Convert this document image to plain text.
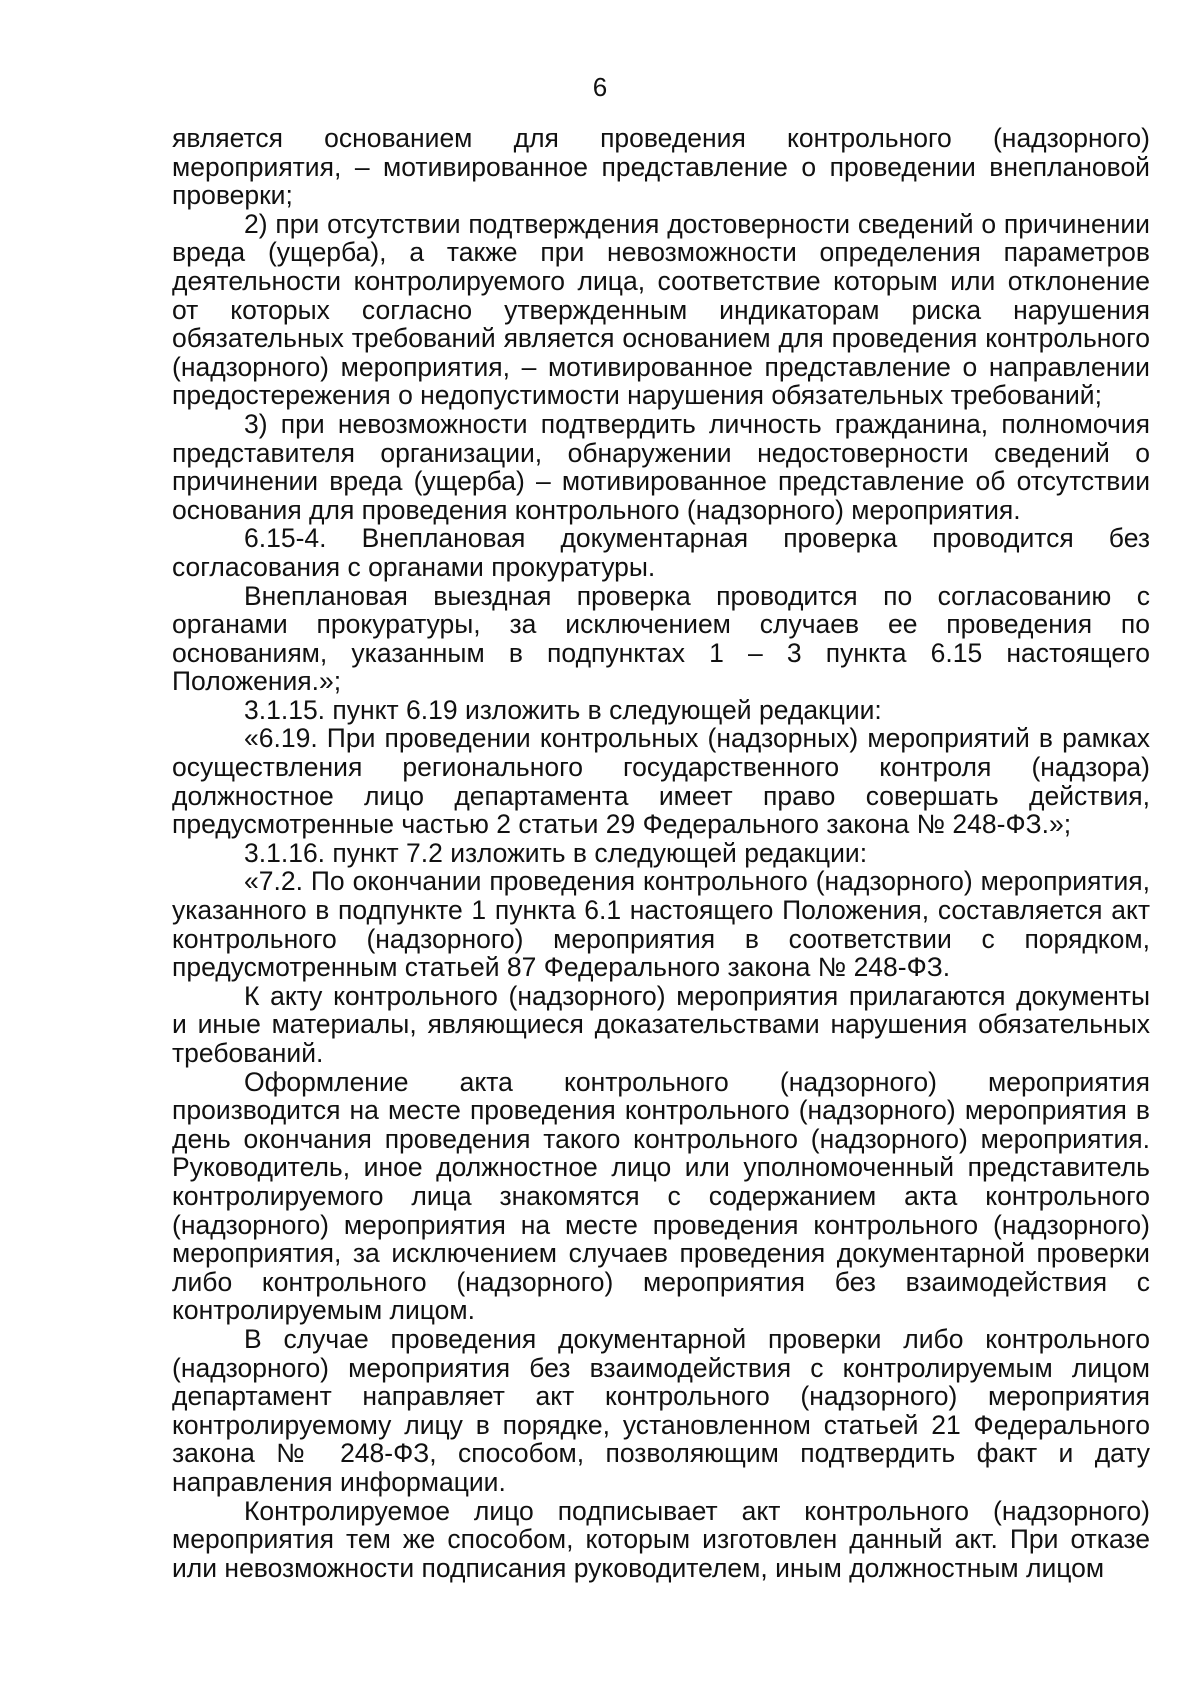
6

является основанием для проведения контрольного (надзорного) мероприятия, – мотивированное представление о проведении внеплановой проверки;

2) при отсутствии подтверждения достоверности сведений о причинении вреда (ущерба), а также при невозможности определения параметров деятельности контролируемого лица, соответствие которым или отклонение от которых согласно утвержденным индикаторам риска нарушения обязательных требований является основанием для проведения контрольного (надзорного) мероприятия, – мотивированное представление о направлении предостережения о недопустимости нарушения обязательных требований;

3) при невозможности подтвердить личность гражданина, полномочия представителя организации, обнаружении недостоверности сведений о причинении вреда (ущерба) – мотивированное представление об отсутствии основания для проведения контрольного (надзорного) мероприятия.

6.15-4. Внеплановая документарная проверка проводится без согласования с органами прокуратуры.

Внеплановая выездная проверка проводится по согласованию с органами прокуратуры, за исключением случаев ее проведения по основаниям, указанным в подпунктах 1 – 3 пункта 6.15 настоящего Положения.»;

3.1.15. пункт 6.19 изложить в следующей редакции:

«6.19. При проведении контрольных (надзорных) мероприятий в рамках осуществления регионального государственного контроля (надзора) должностное лицо департамента имеет право совершать действия, предусмотренные частью 2 статьи 29 Федерального закона № 248-ФЗ.»;

3.1.16. пункт 7.2 изложить в следующей редакции:

«7.2. По окончании проведения контрольного (надзорного) мероприятия, указанного в подпункте 1 пункта 6.1 настоящего Положения, составляется акт контрольного (надзорного) мероприятия в соответствии с порядком, предусмотренным статьей 87 Федерального закона № 248-ФЗ.

К акту контрольного (надзорного) мероприятия прилагаются документы и иные материалы, являющиеся доказательствами нарушения обязательных требований.

Оформление акта контрольного (надзорного) мероприятия производится на месте проведения контрольного (надзорного) мероприятия в день окончания проведения такого контрольного (надзорного) мероприятия. Руководитель, иное должностное лицо или уполномоченный представитель контролируемого лица знакомятся с содержанием акта контрольного (надзорного) мероприятия на месте проведения контрольного (надзорного) мероприятия, за исключением случаев проведения документарной проверки либо контрольного (надзорного) мероприятия без взаимодействия с контролируемым лицом.

В случае проведения документарной проверки либо контрольного (надзорного) мероприятия без взаимодействия с контролируемым лицом департамент направляет акт контрольного (надзорного) мероприятия контролируемому лицу в порядке, установленном статьей 21 Федерального закона № 248-ФЗ, способом, позволяющим подтвердить факт и дату направления информации.

Контролируемое лицо подписывает акт контрольного (надзорного) мероприятия тем же способом, которым изготовлен данный акт. При отказе или невозможности подписания руководителем, иным должностным лицом
